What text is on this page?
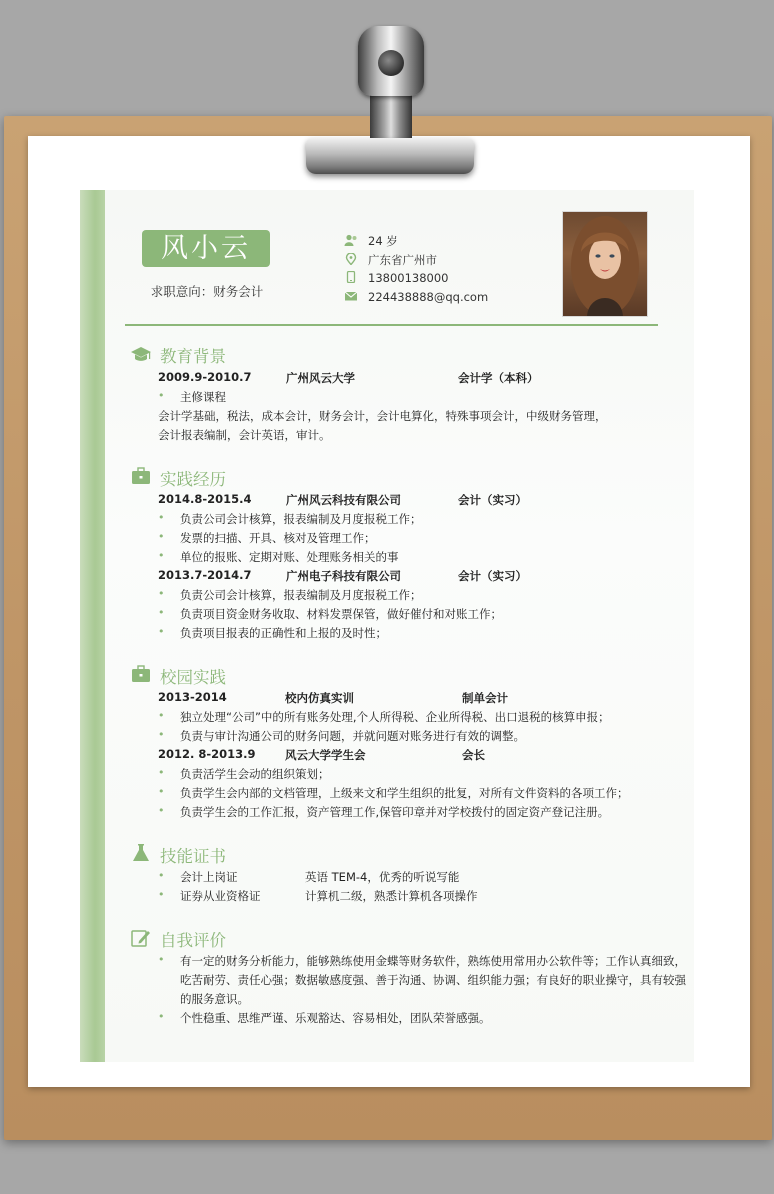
风小云
求职意向：财务会计
24 岁
广东省广州市
13800138000
224438888@qq.com
教育背景
2009.9-2010.7	广州风云大学	会计学（本科）
• 主修课程
会计学基础，税法，成本会计，财务会计，会计电算化，特殊事项会计，中级财务管理，
会计报表编制，会计英语，审计。
实践经历
2014.8-2015.4	广州风云科技有限公司	会计（实习）
• 负责公司会计核算，报表编制及月度报税工作；
• 发票的扫描、开具、核对及管理工作；
• 单位的报账、定期对账、处理账务相关的事
2013.7-2014.7	广州电子科技有限公司	会计（实习）
• 负责公司会计核算，报表编制及月度报税工作；
• 负责项目资金财务收取、材料发票保管，做好催付和对账工作；
• 负责项目报表的正确性和上报的及时性；
校园实践
2013-2014	校内仿真实训	制单会计
• 独立处理“公司”中的所有账务处理,个人所得税、企业所得税、出口退税的核算申报；
• 负责与审计沟通公司的财务问题，并就问题对账务进行有效的调整。
2012. 8-2013.9	风云大学学生会	会长
• 负责活学生会动的组织策划；
• 负责学生会内部的文档管理，上级来文和学生组织的批复，对所有文件资料的各项工作；
• 负责学生会的工作汇报，资产管理工作,保管印章并对学校拨付的固定资产登记注册。
技能证书
• 会计上岗证	英语 TEM-4，优秀的听说写能
• 证券从业资格证	计算机二级，熟悉计算机各项操作
自我评价
• 有一定的财务分析能力，能够熟练使用金蝶等财务软件，熟练使用常用办公软件等；工作认真细致，
吃苦耐劳、责任心强；数据敏感度强、善于沟通、协调、组织能力强；有良好的职业操守，具有较强
的服务意识。
• 个性稳重、思维严谨、乐观豁达、容易相处，团队荣誉感强。
